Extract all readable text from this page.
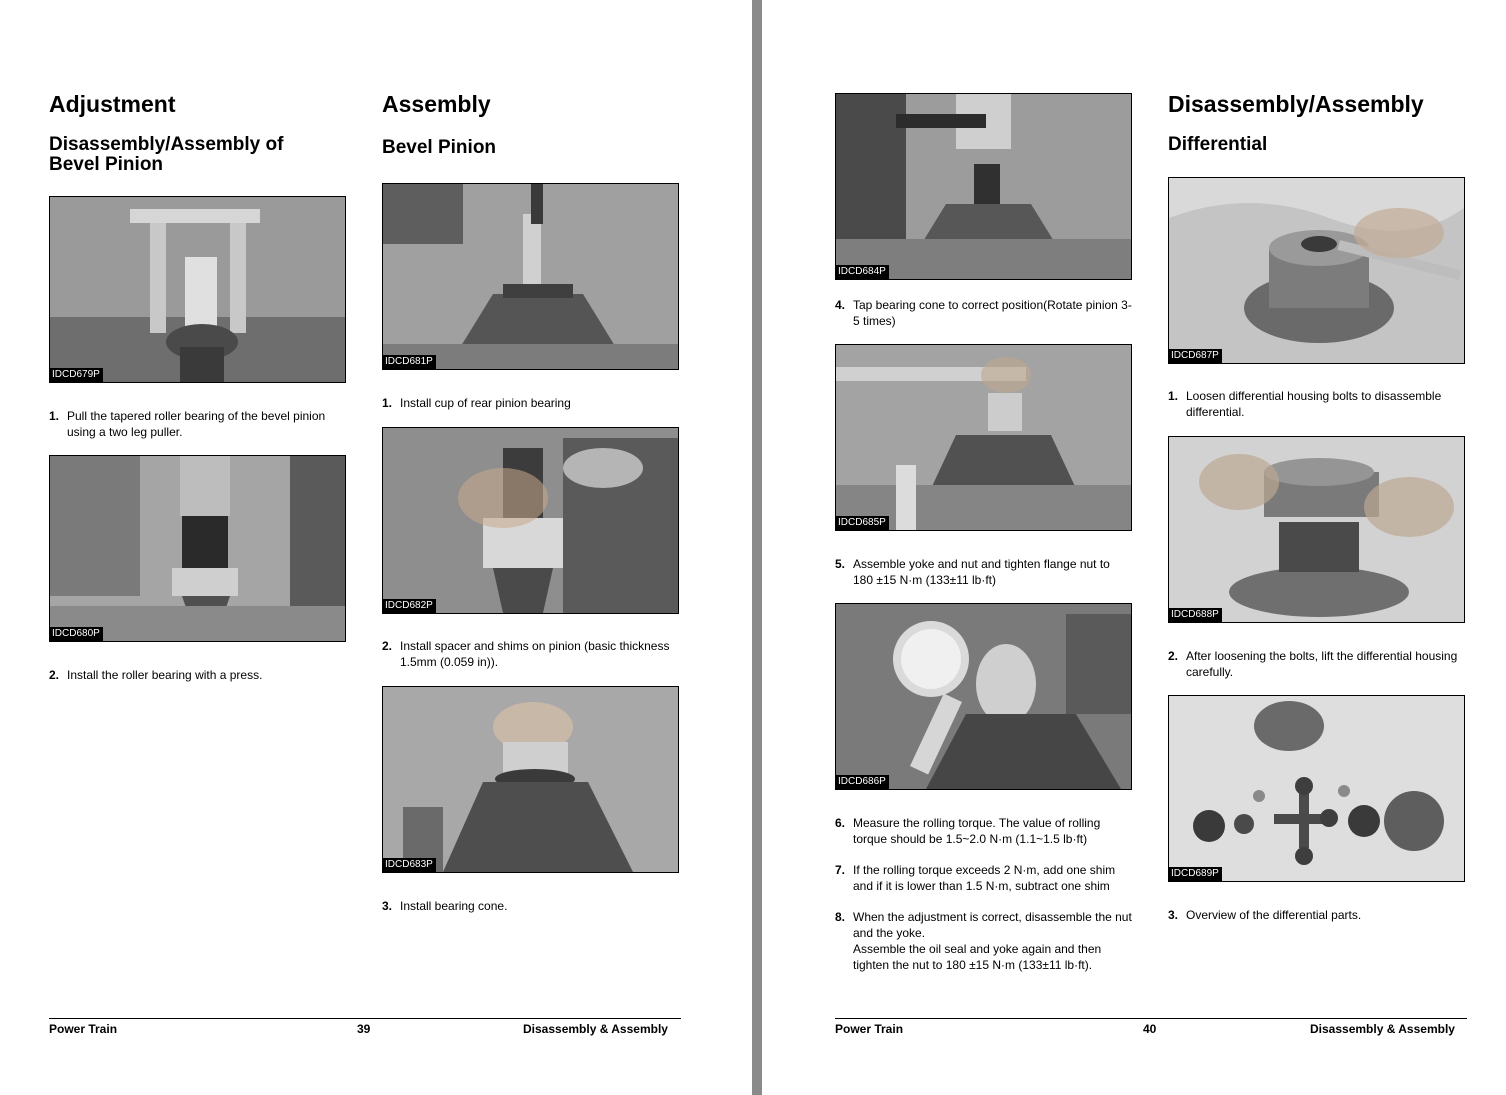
Adjustment
Disassembly/Assembly of
Bevel Pinion
IDCD679P
1. Pull the tapered roller bearing of the bevel pinion using a two leg puller.
IDCD680P
2. Install the roller bearing with a press.
Assembly
Bevel Pinion
IDCD681P
1. Install cup of rear pinion bearing
IDCD682P
2. Install spacer and shims on pinion (basic thickness 1.5mm (0.059 in)).
IDCD683P
3. Install bearing cone.
Power Train	39	Disassembly & Assembly
IDCD684P
4. Tap bearing cone to correct position(Rotate pinion 3-5 times)
IDCD685P
5. Assemble yoke and nut and tighten flange nut to 180 ±15 N·m (133±11 lb·ft)
IDCD686P
6. Measure the rolling torque. The value of rolling torque should be 1.5~2.0 N·m (1.1~1.5 lb·ft)
7. If the rolling torque exceeds 2 N·m, add one shim and if it is lower than 1.5 N·m, subtract one shim
8. When the adjustment is correct, disassemble the nut and the yoke.
Assemble the oil seal and yoke again and then tighten the nut to 180 ±15 N·m (133±11 lb·ft).
Disassembly/Assembly
Differential
IDCD687P
1. Loosen differential housing bolts to disassemble differential.
IDCD688P
2. After loosening the bolts, lift the differential housing carefully.
IDCD689P
3. Overview of the differential parts.
Power Train	40	Disassembly & Assembly
